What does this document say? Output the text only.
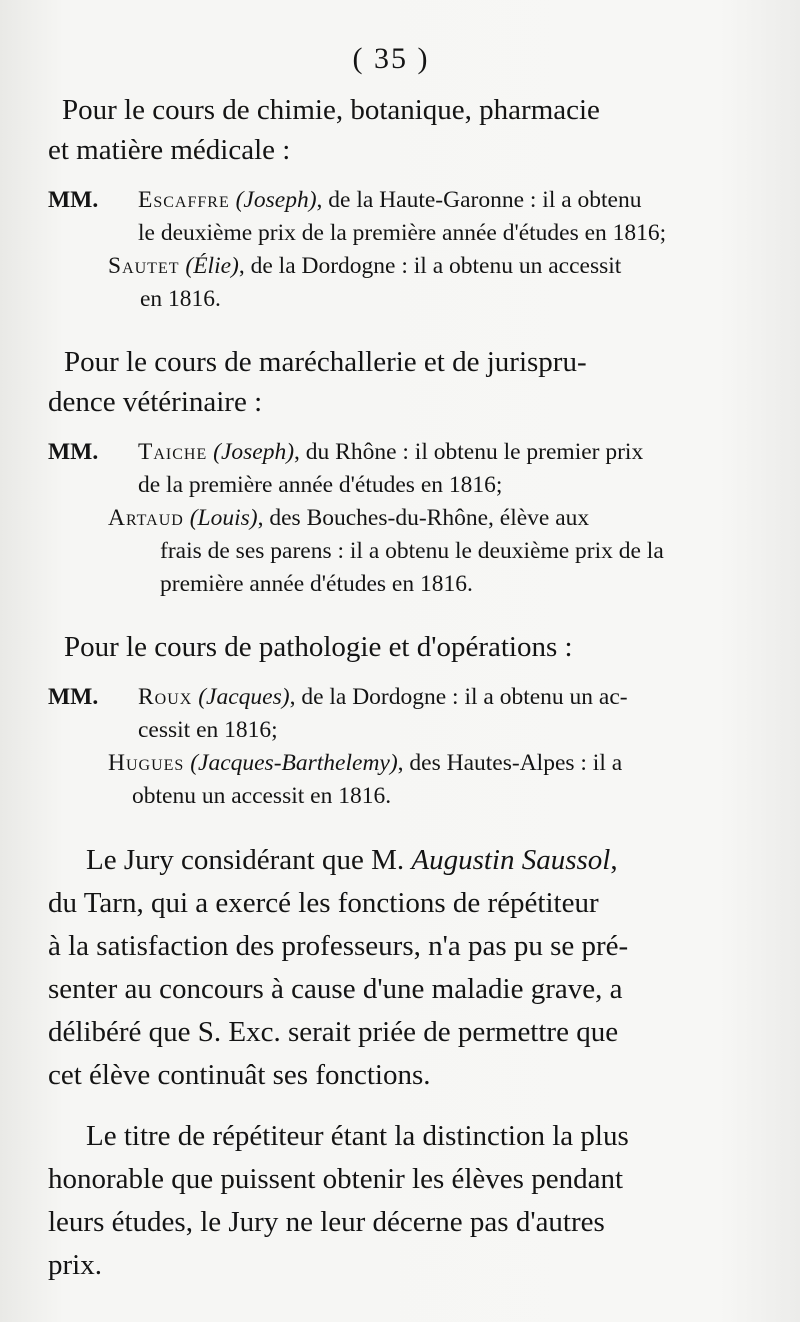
( 35 )

Pour le cours de chimie, botanique, pharmacie
et matière médicale :

MM. Escaffre (Joseph), de la Haute-Garonne : il a obtenu
le deuxième prix de la première année d'études en 1816;

Sautet (Élie), de la Dordogne : il a obtenu un accessit
en 1816.

Pour le cours de maréchallerie et de jurispru-
dence vétérinaire :

MM. Taiche (Joseph), du Rhône : il obtenu le premier prix
de la première année d'études en 1816;

Artaud (Louis), des Bouches-du-Rhône, élève aux
frais de ses parens : il a obtenu le deuxième prix de la
première année d'études en 1816.

Pour le cours de pathologie et d'opérations :

MM. Roux (Jacques), de la Dordogne : il a obtenu un ac-
cessit en 1816;

Hugues (Jacques-Barthelemy), des Hautes-Alpes : il a
obtenu un accessit en 1816.

Le Jury considérant que M. Augustin Saussol,
du Tarn, qui a exercé les fonctions de répétiteur
à la satisfaction des professeurs, n'a pas pu se pré-
senter au concours à cause d'une maladie grave, a
délibéré que S. Exc. serait priée de permettre que
cet élève continuât ses fonctions.

Le titre de répétiteur étant la distinction la plus
honorable que puissent obtenir les élèves pendant
leurs études, le Jury ne leur décerne pas d'autres
prix.
